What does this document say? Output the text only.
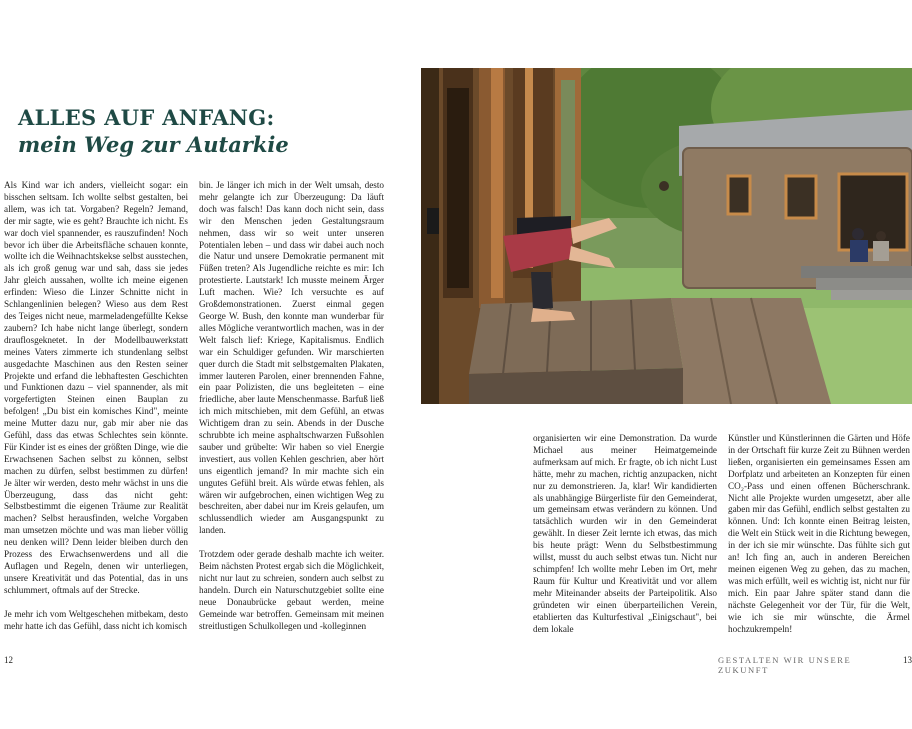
ALLES AUF ANFANG:
mein Weg zur Autarkie

Als Kind war ich anders, vielleicht sogar: ein bisschen seltsam. Ich wollte selbst gestalten, bei allem, was ich tat. Vorgaben? Regeln? Jemand, der mir sagte, wie es geht? Brauchte ich nicht. Es war doch viel spannender, es rauszufinden! Noch bevor ich über die Arbeitsfläche schauen konnte, wollte ich die Weihnachtskekse selbst ausstechen, als ich groß genug war und sah, dass sie jedes Jahr gleich aussahen, wollte ich meine eigenen erfinden: Wieso die Linzer Schnitte nicht in Schlangenlinien belegen? Wieso aus dem Rest des Teiges nicht neue, marmeladengefüllte Kekse zaubern? Ich habe nicht lange überlegt, sondern drauflosgeknetet. In der Modellbauwerkstatt meines Vaters zimmerte ich stundenlang selbst ausgedachte Maschinen aus den Resten seiner Projekte und erfand die lebhaftesten Geschichten und Funktionen dazu – viel spannender, als mit vorgefertigten Steinen einen Bauplan zu befolgen! „Du bist ein komisches Kind", meinte meine Mutter dazu nur, gab mir aber nie das Gefühl, dass das etwas Schlechtes sein könnte. Für Kinder ist es eines der größten Dinge, wie die Erwachsenen Sachen selbst zu können, selbst machen zu dürfen, selbst bestimmen zu dürfen! Je älter wir werden, desto mehr wächst in uns die Überzeugung, dass das nicht geht: Selbstbestimmt die eigenen Träume zur Realität machen? Selbst herausfinden, welche Vorgaben man umsetzen möchte und was man lieber völlig neu denken will? Denn leider bleiben durch den Prozess des Erwachsenwerdens und all die Auflagen und Regeln, denen wir unterliegen, unsere Kreativität und das Potential, das in uns schlummert, oftmals auf der Strecke.

Je mehr ich vom Weltgeschehen mitbekam, desto mehr hatte ich das Gefühl, dass nicht ich komisch

bin. Je länger ich mich in der Welt umsah, desto mehr gelangte ich zur Überzeugung: Da läuft doch was falsch! Das kann doch nicht sein, dass wir den Menschen jeden Gestaltungsraum nehmen, dass wir so weit unter unseren Potentialen leben – und dass wir dabei auch noch die Natur und unsere Demokratie permanent mit Füßen treten? Als Jugendliche reichte es mir: Ich protestierte. Lautstark! Ich musste meinem Ärger Luft machen. Wie? Ich versuchte es auf Großdemonstrationen. Zuerst einmal gegen George W. Bush, den konnte man wunderbar für alles Mögliche verantwortlich machen, was in der Welt falsch lief: Kriege, Kapitalismus. Endlich war ein Schuldiger gefunden. Wir marschierten quer durch die Stadt mit selbstgemalten Plakaten, immer lauteren Parolen, einer brennenden Fahne, ein paar Polizisten, die uns begleiteten – eine friedliche, aber laute Menschenmasse. Barfuß ließ ich mich mitschieben, mit dem Gefühl, an etwas Wichtigem dran zu sein. Abends in der Dusche schrubbte ich meine asphaltschwarzen Fußsohlen sauber und grübelte: Wir haben so viel Energie investiert, aus vollen Kehlen geschrien, aber hört uns eigentlich jemand? In mir machte sich ein ungutes Gefühl breit. Als würde etwas fehlen, als wären wir aufgebrochen, einen wichtigen Weg zu beschreiten, aber dabei nur im Kreis gelaufen, um schlussendlich wieder am Ausgangspunkt zu landen.

Trotzdem oder gerade deshalb machte ich weiter. Beim nächsten Protest ergab sich die Möglichkeit, nicht nur laut zu schreien, sondern auch selbst zu handeln. Durch ein Naturschutzgebiet sollte eine neue Donaubrücke gebaut werden, meine Gemeinde war betroffen. Gemeinsam mit meinen streitlustigen Schulkollegen und -kolleginnen

organisierten wir eine Demonstration. Da wurde Michael aus meiner Heimatgemeinde aufmerksam auf mich. Er fragte, ob ich nicht Lust hätte, mehr zu machen, richtig anzupacken, nicht nur zu demonstrieren. Ja, klar! Wir kandidierten als unabhängige Bürgerliste für den Gemeinderat, um gemeinsam etwas verändern zu können. Und tatsächlich wurden wir in den Gemeinderat gewählt. In dieser Zeit lernte ich etwas, das mich bis heute prägt: Wenn du Selbstbestimmung willst, musst du auch selbst etwas tun. Nicht nur schimpfen! Ich wollte mehr Leben im Ort, mehr Raum für Kultur und Kreativität und vor allem mehr Miteinander abseits der Parteipolitik. Also gründeten wir einen überparteilichen Verein, etablierten das Kulturfestival „Einigschaut", bei dem lokale

Künstler und Künstlerinnen die Gärten und Höfe in der Ortschaft für kurze Zeit zu Bühnen werden ließen, organisierten ein gemeinsames Essen am Dorfplatz und arbeiteten an Konzepten für einen CO₂-Pass und einen offenen Bücherschrank. Nicht alle Projekte wurden umgesetzt, aber alle gaben mir das Gefühl, endlich selbst gestalten zu können. Und: Ich konnte einen Beitrag leisten, die Welt ein Stück weit in die Richtung bewegen, in der ich sie mir wünschte. Das fühlte sich gut an! Ich fing an, auch in anderen Bereichen meinen eigenen Weg zu gehen, das zu machen, was mich erfüllt, weil es wichtig ist, nicht nur für mich. Ein paar Jahre später stand dann die nächste Gelegenheit vor der Tür, für die Welt, wie ich sie mir wünschte, die Ärmel hochzukrempeln!

12	GESTALTEN WIR UNSERE ZUKUNFT
13
